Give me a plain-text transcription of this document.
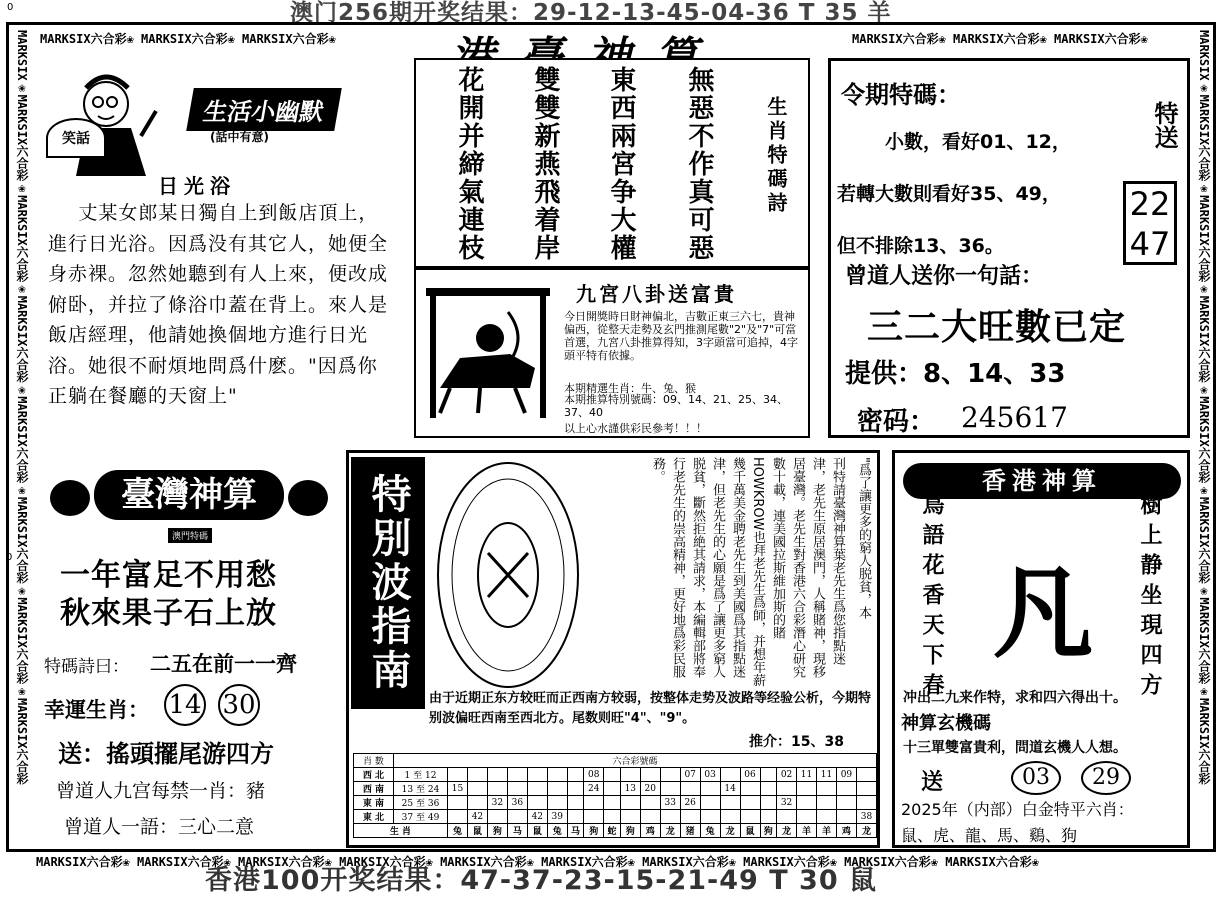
澳门256期开奖结果：29-12-13-45-04-36 T 35 羊
0
0
MARKSIX六合彩❀ MARKSIX六合彩❀ MARKSIX六合彩❀	MARKSIX六合彩❀ MARKSIX六合彩❀ MARKSIX六合彩❀
MARKSIX六合彩❀ MARKSIX六合彩❀ MARKSIX六合彩❀ MARKSIX六合彩❀ MARKSIX六合彩❀ MARKSIX六合彩❀ MARKSIX六合彩❀ MARKSIX六合彩❀ MARKSIX六合彩❀ MARKSIX六合彩❀
MARKSIX❀MARKSIX六合彩❀MARKSIX六合彩❀MARKSIX六合彩❀MARKSIX六合彩❀MARKSIX六合彩❀MARKSIX六合彩❀MARKSIX六合彩	MARKSIX❀MARKSIX六合彩❀MARKSIX六合彩❀MARKSIX六合彩❀MARKSIX六合彩❀MARKSIX六合彩❀MARKSIX六合彩❀MARKSIX六合彩
笑話
生活小幽默
(話中有意)
日光浴
丈某女郎某日獨自上到飯店頂上，進行日光浴。因爲没有其它人，她便全身赤裸。忽然她聽到有人上來，便改成俯卧，并拉了條浴巾蓋在背上。來人是飯店經理，他請她換個地方進行日光浴。她很不耐煩地問爲什麽。"因爲你正躺在餐廳的天窗上"
無惡不作真可惡
東西兩宮争大權
雙雙新燕飛着岸
花開并締氣連枝	生肖特碼詩
九宮八卦送富貴
今日開獎時日財神偏北，吉數正東三六七，貴神偏西，從整天走勢及玄門推測尾數"2"及"7"可當首選，九宮八卦推算得知，3字頭當可追掉，4字頭平特有依據。
本期精選生肖：牛、兔、猴
本期推算特別號碼：09、14、21、25、34、37、40
以上心水謹供彩民參考！！！
令期特碼：
小數，看好01、12，
若轉大數則看好35、49，
但不排除13、36。
特送
22
47
曾道人送你一句話：
三二大旺數已定
提供：8、14、33
密码： 245617
臺灣神算
澳門特碼
一年富足不用愁
秋來果子石上放
特碼詩曰： 二五在前一一齊
幸運生肖： 14 30
送：搖頭擺尾游四方
曾道人九宫每禁一肖：豬
曾道人一語：三心二意
特別波指南	刊特請臺灣神算葉老先生爲您指點迷津，老先生原居澳門，人稱賭神，現移居臺灣。老先生對香港六合彩潛心研究數十載，連美國拉斯維加斯的賭HOWKROW也拜老先生爲師，并想年薪幾千萬美金聘老先生到美國爲其指點迷津，但老先生的心願是爲了讓更多窮人脱貧，斷然拒絶其請求，本編輯部將奉行老先生的崇高精神，更好地爲彩民服務。	"爲了讓更多的窮人脱貧，本
由于近期正东方较旺而正西南方较弱，按整体走势及波路等经验公析，今期特别波偏旺西南至西北方。尾数则旺"4"、"9"。
推介：15、38
肖 數	六合彩號碼																						
西 北	1 至 12								08					07	03		06		02	11	11	09	
西 南	13 至 24	15							24		13	20				14							
東 南	25 至 36			32	36								33	26					32				
東 北	37 至 49		42			42	39																38
生 肖		兔	鼠	狗	马	鼠	兔	马	狗	蛇	狗	鸡	龙	猪	兔	龙	鼠	狗	龙	羊	羊	鸡	龙
香港神算
鳥語花香天下春	樹上静坐現四方
凡
冲出二九来作特，求和四六得出十。
神算玄機碼
十三單雙富貴利，問道玄機人人想。
送	03	29
2025年（内部）白金特平六肖：
鼠、虎、龍、馬、鷄、狗
香港100开奖结果：47-37-23-15-21-49 T 30 鼠
